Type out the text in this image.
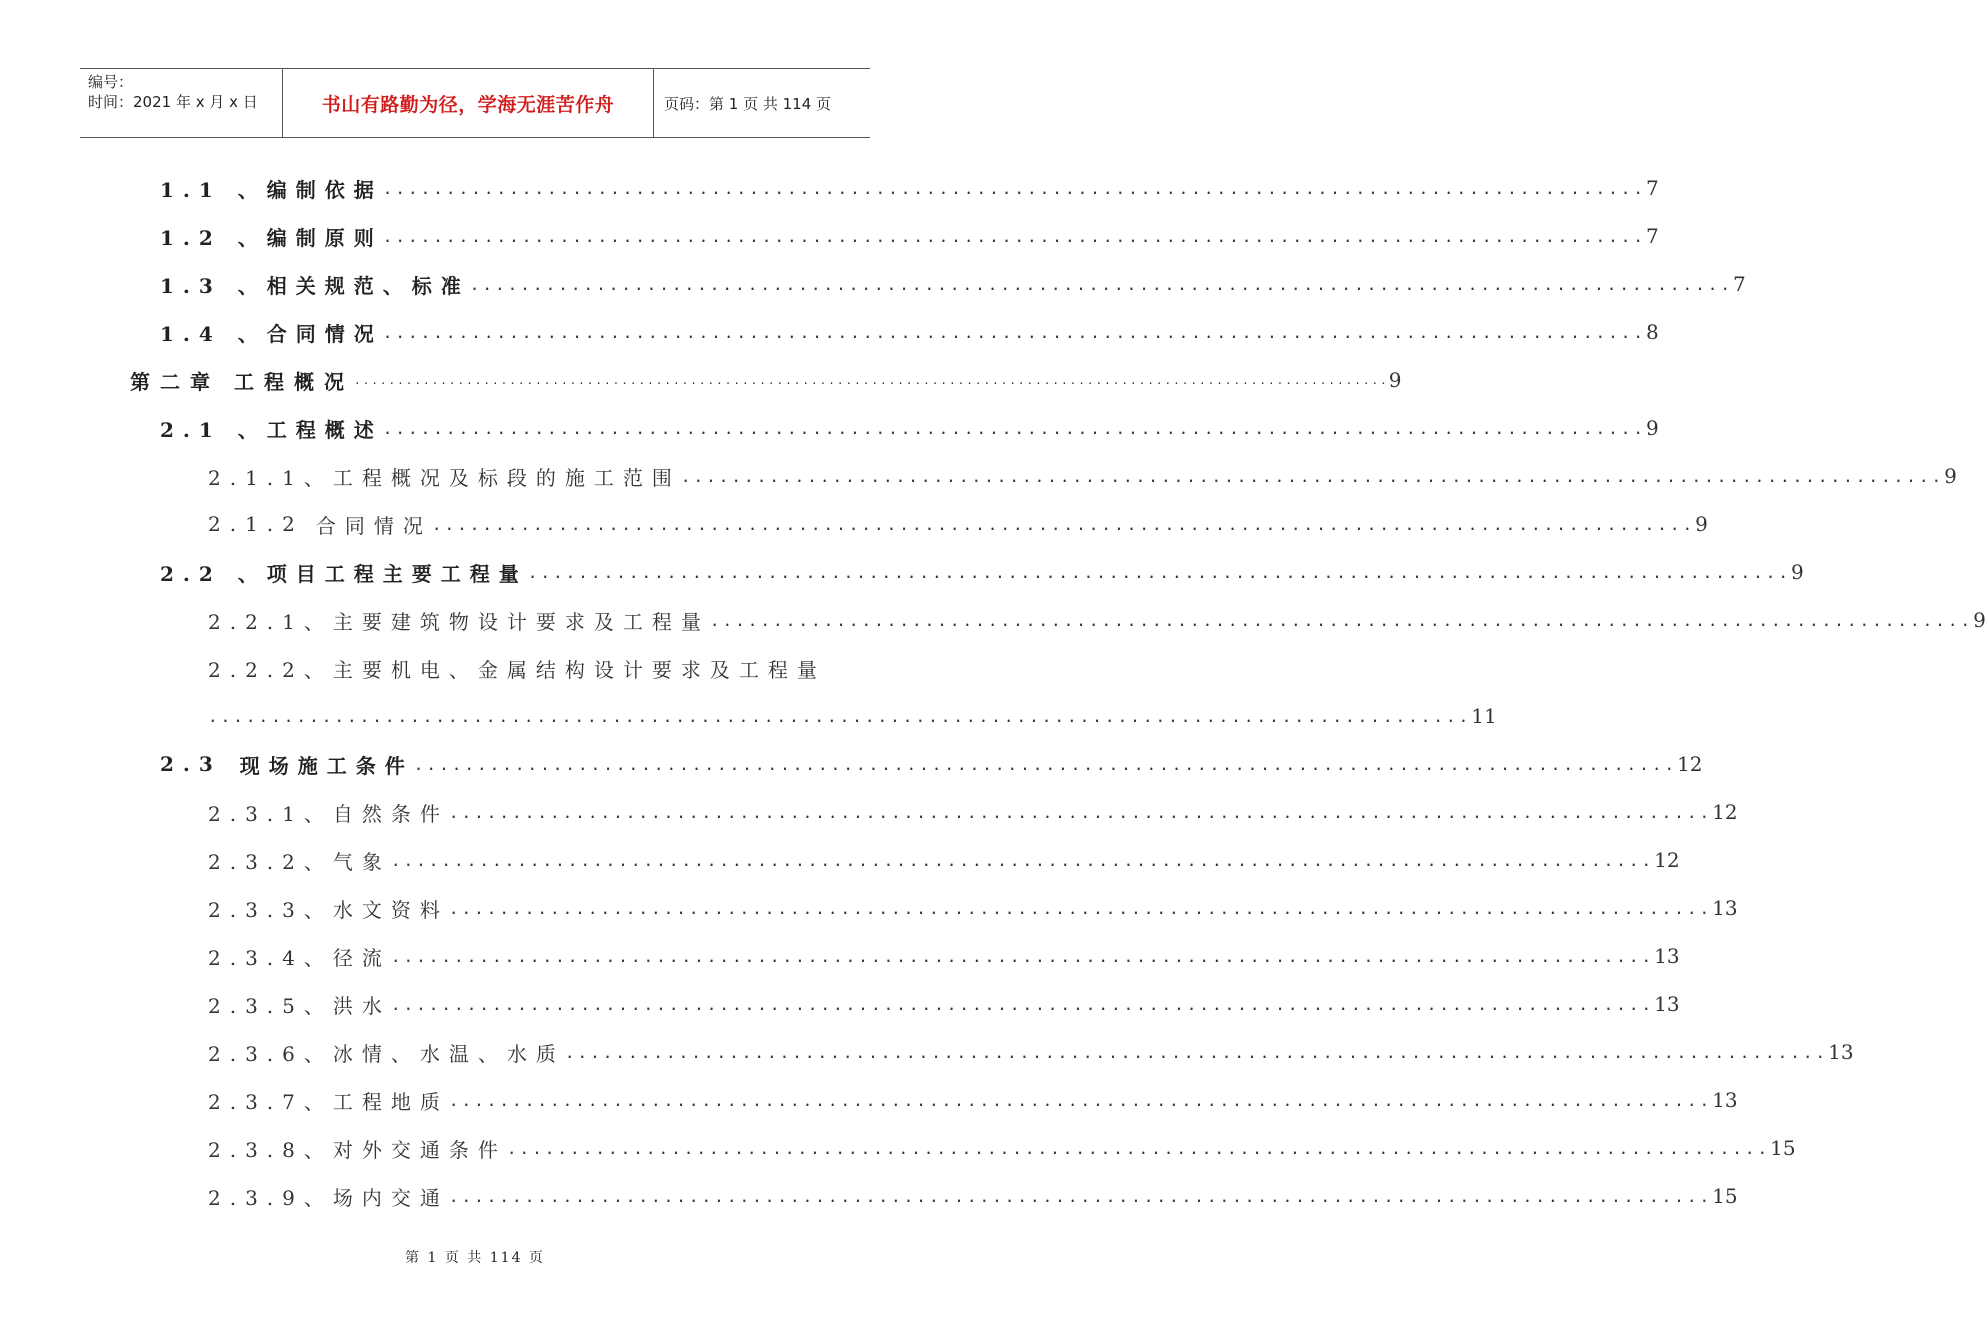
编号：
时间：2021 年 x 月 x 日	书山有路勤为径，学海无涯苦作舟	页码：第 1 页 共 114 页
1.1 、 编制依据 .................................................................................................... 7
1.2 、 编制原则 .................................................................................................... 7
1.3 、 相关规范、标准 .................................................................................................... 7
1.4 、 合同情况 .................................................................................................... 8
第二章 工程概况 ........................................................................................................................ 9
2.1 、 工程概述 .................................................................................................... 9
2.1.1、 工程概况及标段的施工范围 .................................................................................................... 9
2.1.2 合同情况 .................................................................................................... 9
2.2 、 项目工程主要工程量 .................................................................................................... 9
2.2.1、 主要建筑物设计要求及工程量 .................................................................................................... 9
2.2.2、 主要机电、金属结构设计要求及工程量
.................................................................................................... 11
2.3 现场施工条件 .................................................................................................... 12
2.3.1、 自然条件 .................................................................................................... 12
2.3.2、 气象 .................................................................................................... 12
2.3.3、 水文资料 .................................................................................................... 13
2.3.4、 径流 .................................................................................................... 13
2.3.5、 洪水 .................................................................................................... 13
2.3.6、 冰情、水温、水质 .................................................................................................... 13
2.3.7、 工程地质 .................................................................................................... 13
2.3.8、 对外交通条件 .................................................................................................... 15
2.3.9、 场内交通 .................................................................................................... 15
第 1 页 共 114 页
